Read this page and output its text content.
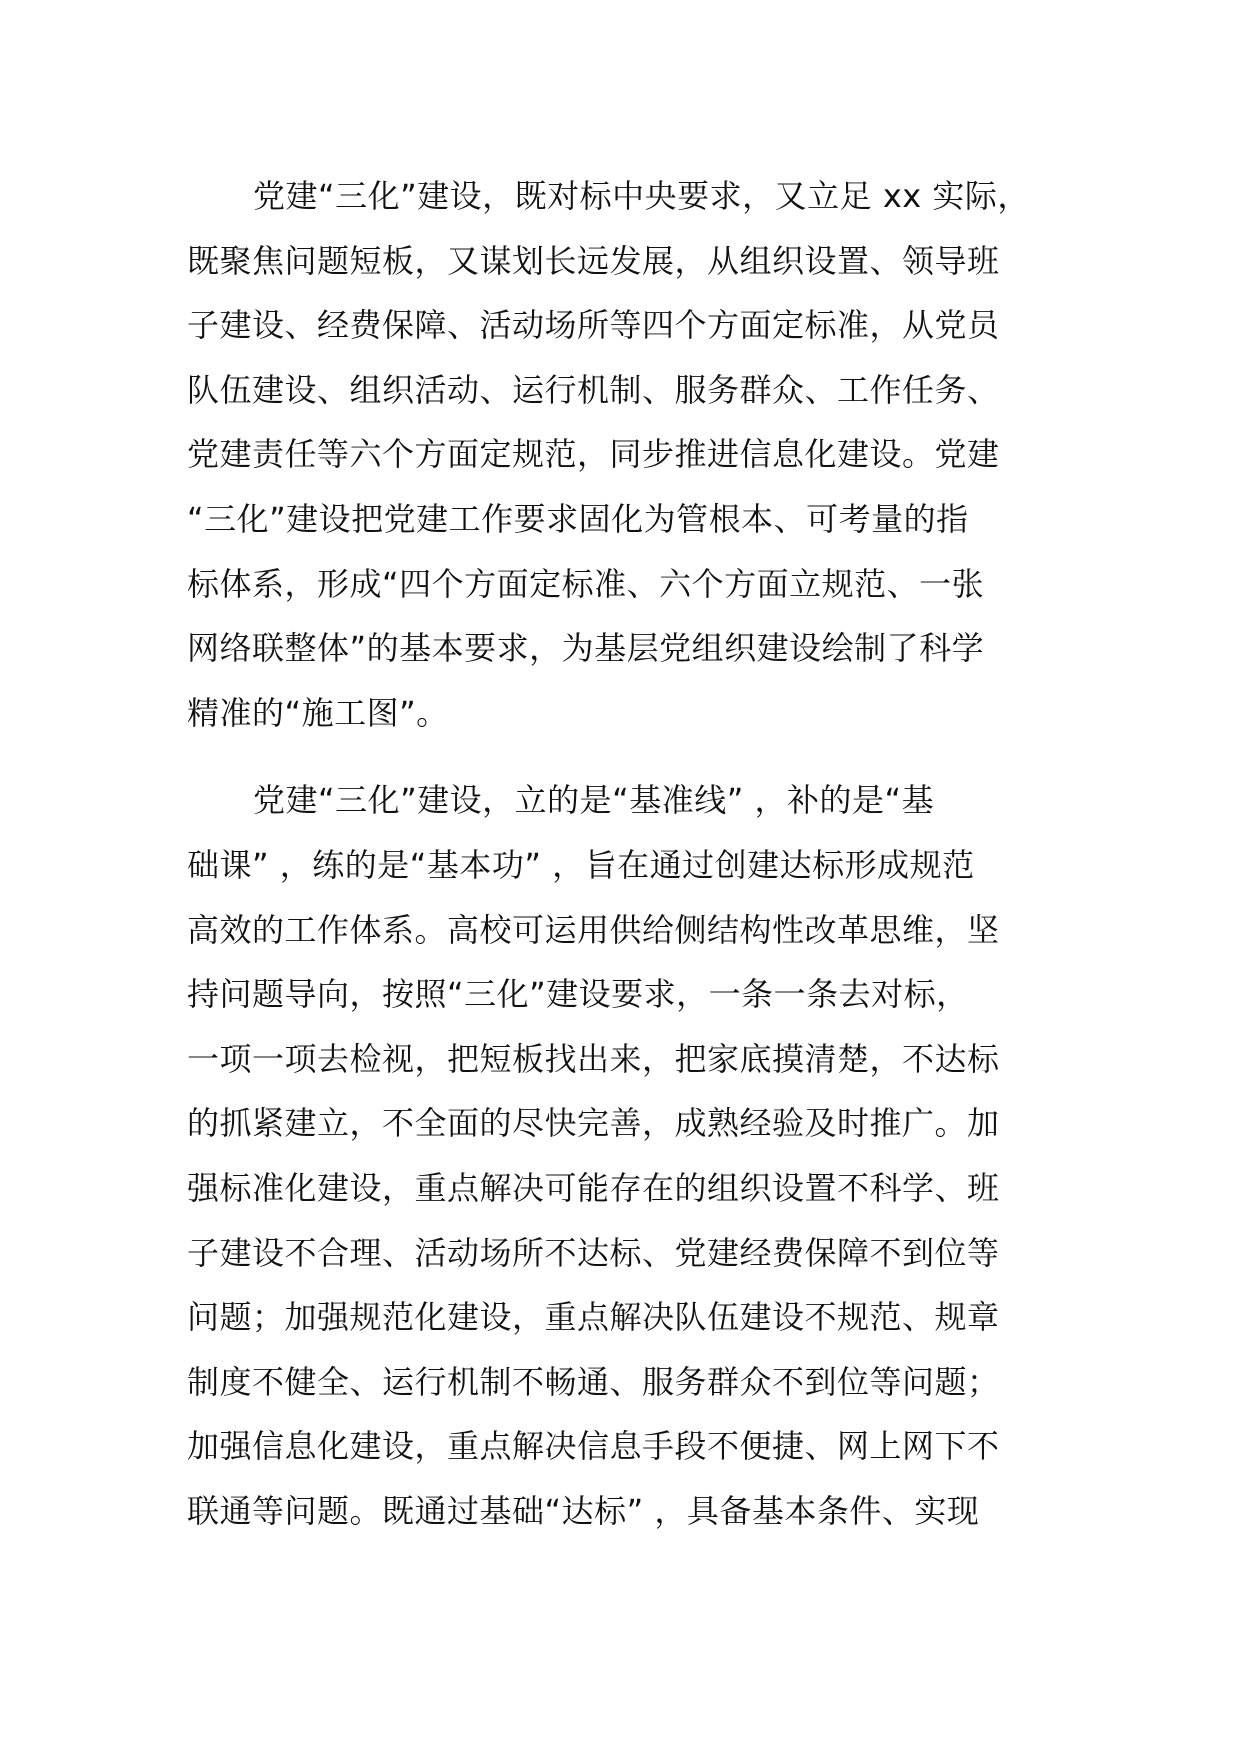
党建“三化”建设，既对标中央要求，又立足 xx 实际，
既聚焦问题短板，又谋划长远发展，从组织设置、领导班
子建设、经费保障、活动场所等四个方面定标准，从党员
队伍建设、组织活动、运行机制、服务群众、工作任务、
党建责任等六个方面定规范，同步推进信息化建设。党建
“三化”建设把党建工作要求固化为管根本、可考量的指
标体系，形成“四个方面定标准、六个方面立规范、一张
网络联整体”的基本要求，为基层党组织建设绘制了科学
精准的“施工图”。
党建“三化”建设，立的是“基准线” ，补的是“基
础课” ，练的是“基本功” ，旨在通过创建达标形成规范
高效的工作体系。高校可运用供给侧结构性改革思维，坚
持问题导向，按照“三化”建设要求，一条一条去对标，
一项一项去检视，把短板找出来，把家底摸清楚，不达标
的抓紧建立，不全面的尽快完善，成熟经验及时推广。加
强标准化建设，重点解决可能存在的组织设置不科学、班
子建设不合理、活动场所不达标、党建经费保障不到位等
问题；加强规范化建设，重点解决队伍建设不规范、规章
制度不健全、运行机制不畅通、服务群众不到位等问题；
加强信息化建设，重点解决信息手段不便捷、网上网下不
联通等问题。既通过基础“达标” ，具备基本条件、实现
